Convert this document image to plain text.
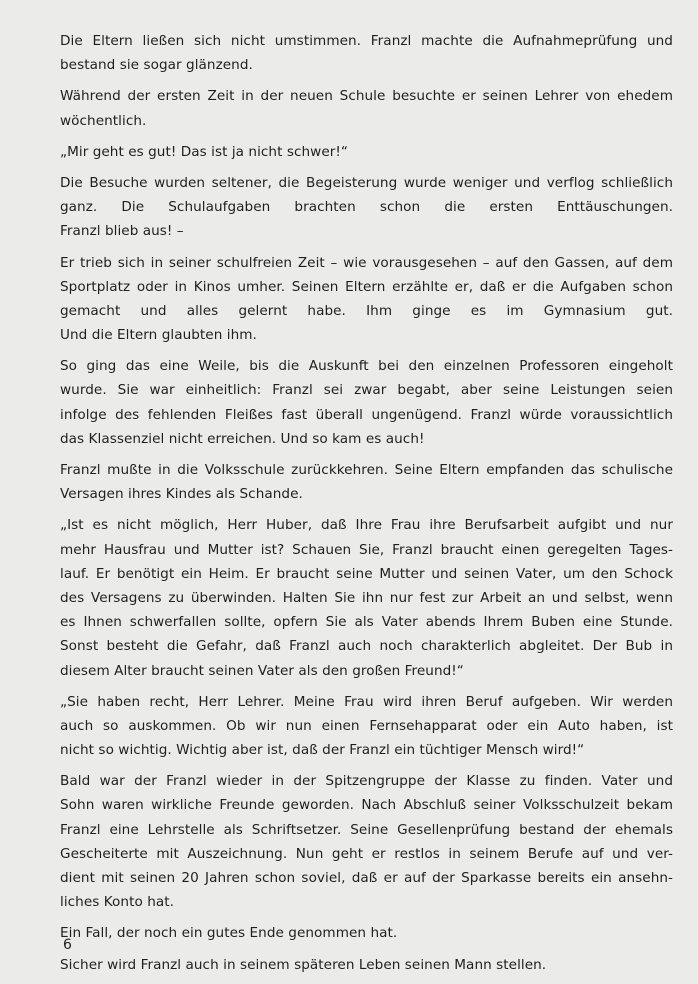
Die Eltern ließen sich nicht umstimmen. Franzl machte die Aufnahmeprüfung und
bestand sie sogar glänzend.
Während der ersten Zeit in der neuen Schule besuchte er seinen Lehrer von ehedem
wöchentlich.
„Mir geht es gut! Das ist ja nicht schwer!“
Die Besuche wurden seltener, die Begeisterung wurde weniger und verflog schließlich
ganz. Die Schulaufgaben brachten schon die ersten Enttäuschungen.
Franzl blieb aus! –
Er trieb sich in seiner schulfreien Zeit – wie vorausgesehen – auf den Gassen, auf dem
Sportplatz oder in Kinos umher. Seinen Eltern erzählte er, daß er die Aufgaben schon
gemacht und alles gelernt habe. Ihm ginge es im Gymnasium gut.
Und die Eltern glaubten ihm.
So ging das eine Weile, bis die Auskunft bei den einzelnen Professoren eingeholt
wurde. Sie war einheitlich: Franzl sei zwar begabt, aber seine Leistungen seien
infolge des fehlenden Fleißes fast überall ungenügend. Franzl würde voraussichtlich
das Klassenziel nicht erreichen. Und so kam es auch!
Franzl mußte in die Volksschule zurückkehren. Seine Eltern empfanden das schulische
Versagen ihres Kindes als Schande.
„Ist es nicht möglich, Herr Huber, daß Ihre Frau ihre Berufsarbeit aufgibt und nur
mehr Hausfrau und Mutter ist? Schauen Sie, Franzl braucht einen geregelten Tages-
lauf. Er benötigt ein Heim. Er braucht seine Mutter und seinen Vater, um den Schock
des Versagens zu überwinden. Halten Sie ihn nur fest zur Arbeit an und selbst, wenn
es Ihnen schwerfallen sollte, opfern Sie als Vater abends Ihrem Buben eine Stunde.
Sonst besteht die Gefahr, daß Franzl auch noch charakterlich abgleitet. Der Bub in
diesem Alter braucht seinen Vater als den großen Freund!“
„Sie haben recht, Herr Lehrer. Meine Frau wird ihren Beruf aufgeben. Wir werden
auch so auskommen. Ob wir nun einen Fernsehapparat oder ein Auto haben, ist
nicht so wichtig. Wichtig aber ist, daß der Franzl ein tüchtiger Mensch wird!“
Bald war der Franzl wieder in der Spitzengruppe der Klasse zu finden. Vater und
Sohn waren wirkliche Freunde geworden. Nach Abschluß seiner Volksschulzeit bekam
Franzl eine Lehrstelle als Schriftsetzer. Seine Gesellenprüfung bestand der ehemals
Gescheiterte mit Auszeichnung. Nun geht er restlos in seinem Berufe auf und ver-
dient mit seinen 20 Jahren schon soviel, daß er auf der Sparkasse bereits ein ansehn-
liches Konto hat.
Ein Fall, der noch ein gutes Ende genommen hat.
Sicher wird Franzl auch in seinem späteren Leben seinen Mann stellen.
6
